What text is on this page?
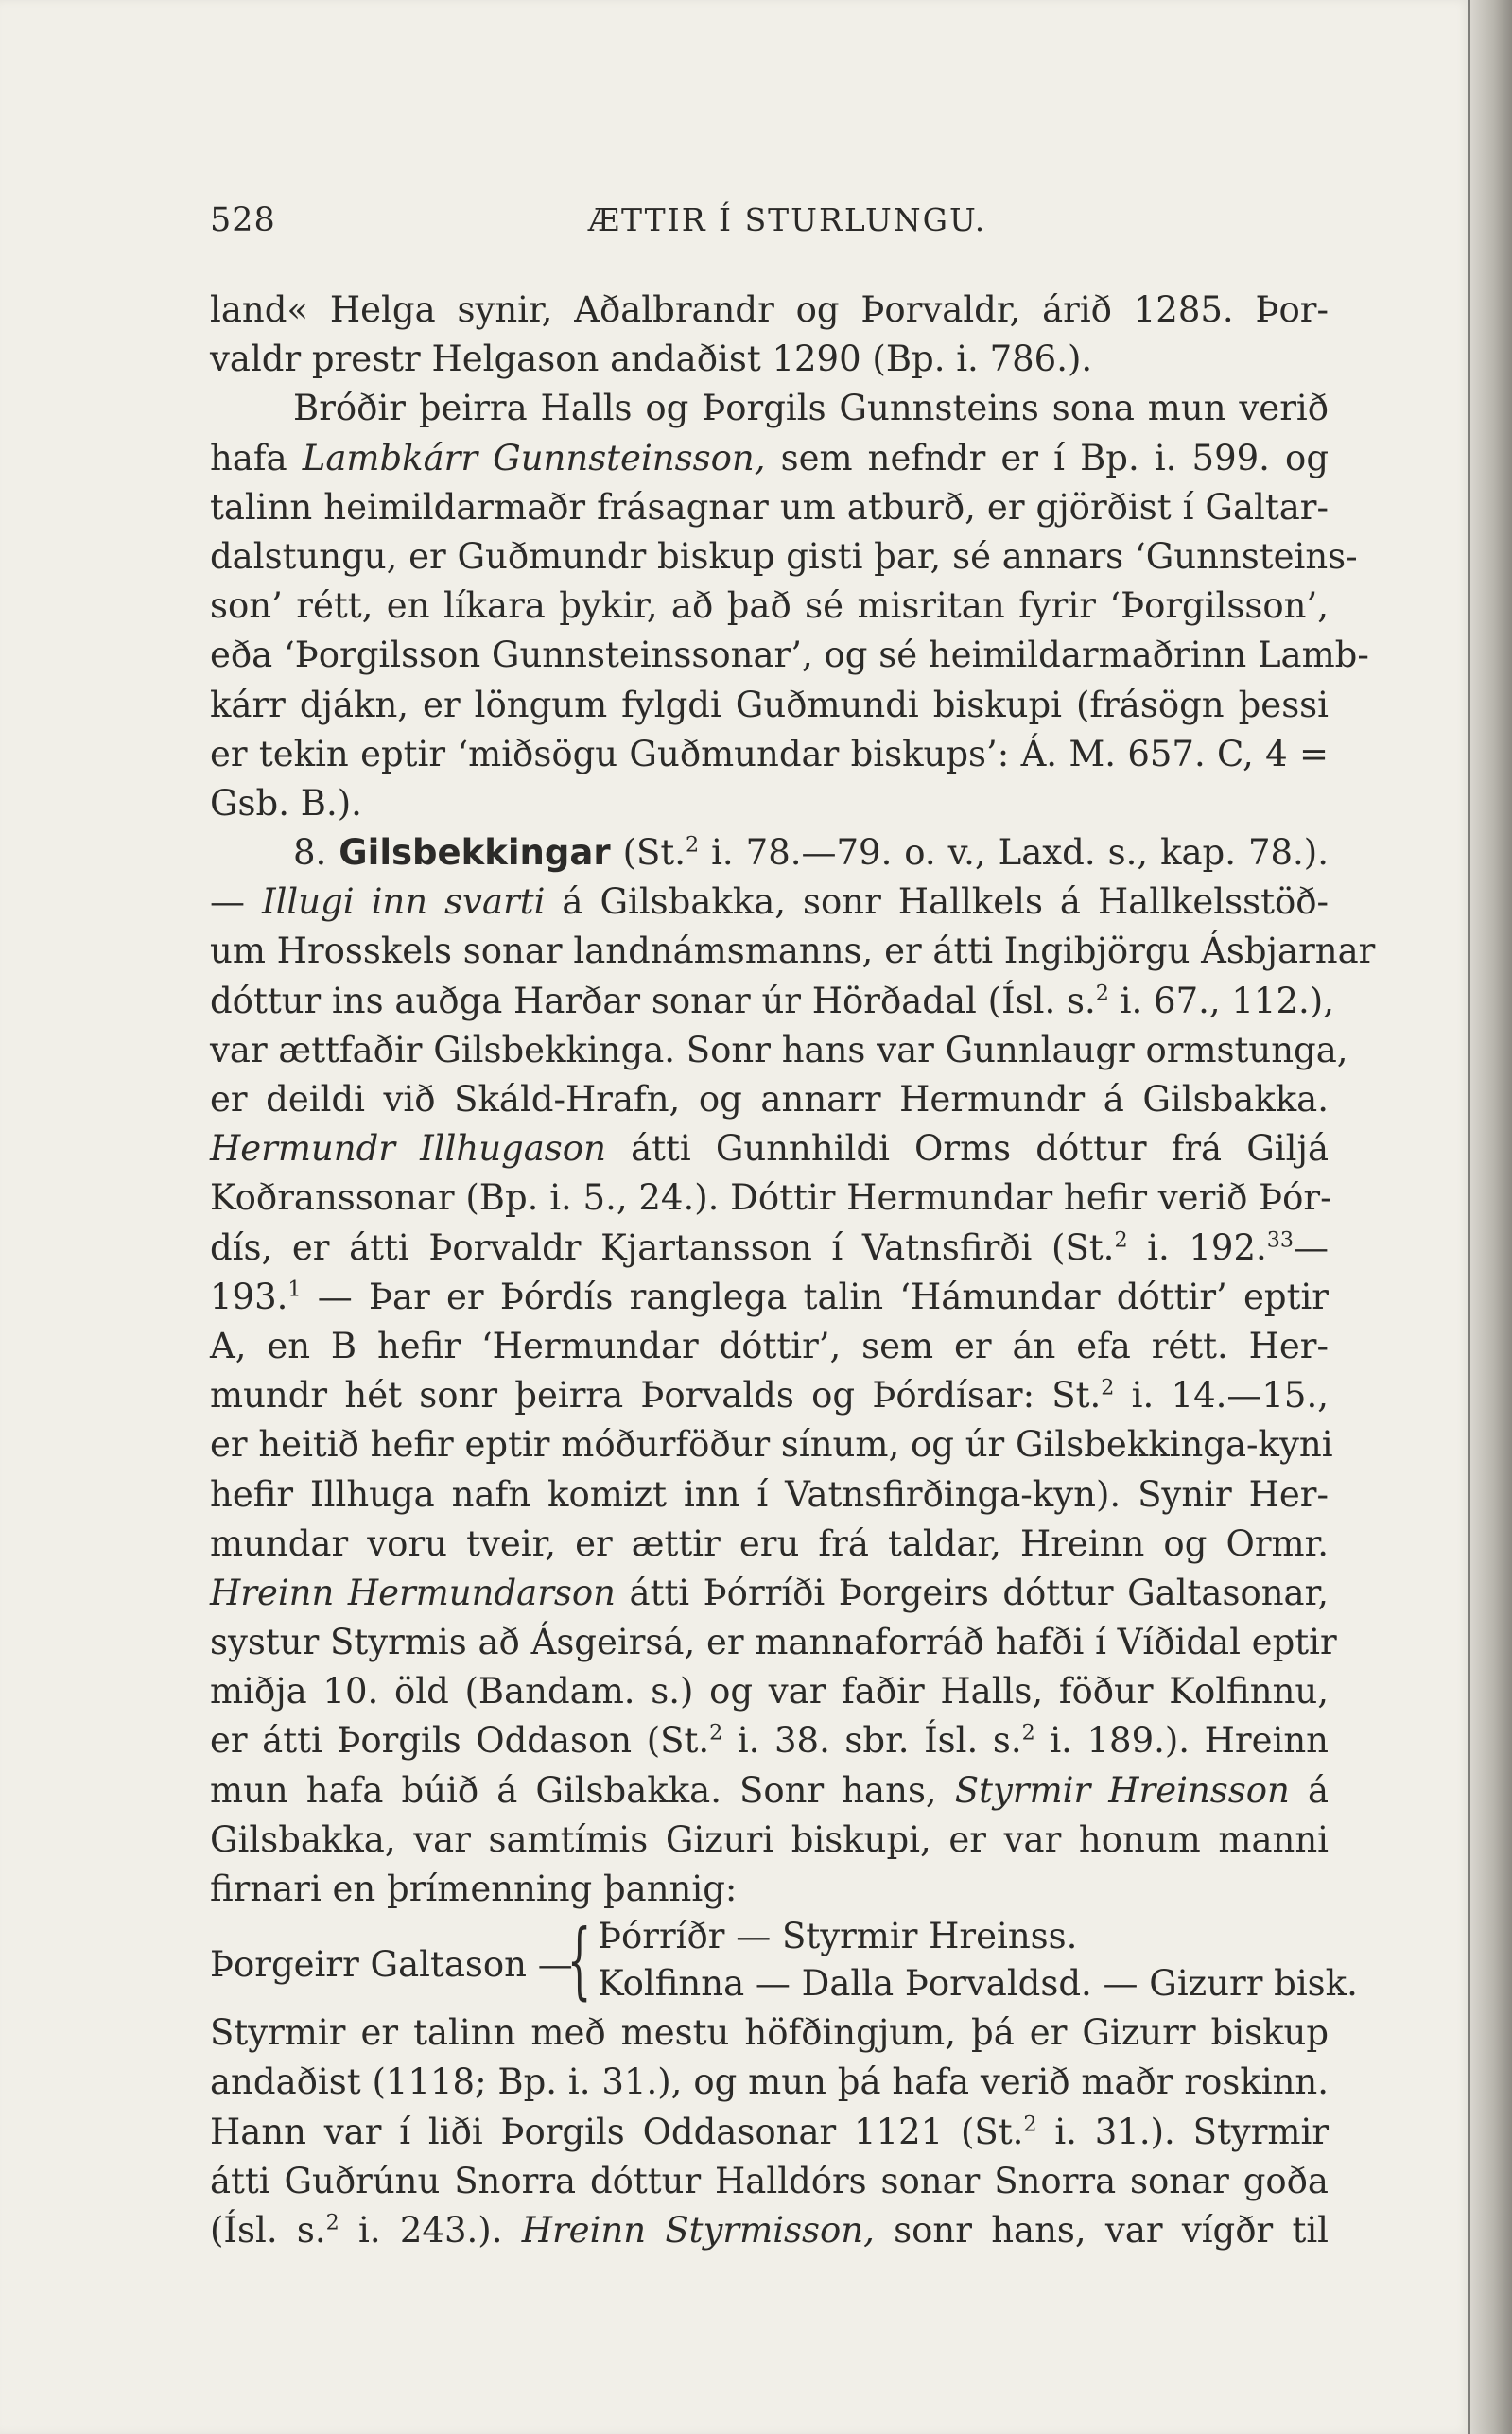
528	ÆTTIR Í STURLUNGU.
land« Helga synir, Aðalbrandr og Þorvaldr, árið 1285. Þor-
valdr prestr Helgason andaðist 1290 (Bp. i. 786.).
Bróðir þeirra Halls og Þorgils Gunnsteins sona mun verið
hafa Lambkárr Gunnsteinsson, sem nefndr er í Bp. i. 599. og
talinn heimildarmaðr frásagnar um atburð, er gjörðist í Galtar-
dalstungu, er Guðmundr biskup gisti þar, sé annars ‘Gunnsteins-
son’ rétt, en líkara þykir, að það sé misritan fyrir ‘Þorgilsson’,
eða ‘Þorgilsson Gunnsteinssonar’, og sé heimildarmaðrinn Lamb-
kárr djákn, er löngum fylgdi Guðmundi biskupi (frásögn þessi
er tekin eptir ‘miðsögu Guðmundar biskups’: Á. M. 657. C, 4 =
Gsb. B.).
8. Gilsbekkingar (St.$^2$ i. 78.—79. o. v., Laxd. s., kap. 78.).
— Illugi inn svarti á Gilsbakka, sonr Hallkels á Hallkelsstöð-
um Hrosskels sonar landnámsmanns, er átti Ingibjörgu Ásbjarnar
dóttur ins auðga Harðar sonar úr Hörðadal (Ísl. s.$^2$ i. 67., 112.),
var ættfaðir Gilsbekkinga. Sonr hans var Gunnlaugr ormstunga,
er deildi við Skáld-Hrafn, og annarr Hermundr á Gilsbakka.
Hermundr Illhugason átti Gunnhildi Orms dóttur frá Giljá
Koðranssonar (Bp. i. 5., 24.). Dóttir Hermundar hefir verið Þór-
dís, er átti Þorvaldr Kjartansson í Vatnsfirði (St.$^2$ i. 192.33—
193.$^1$ — Þar er Þórdís ranglega talin ‘Hámundar dóttir’ eptir
A, en B hefir ‘Hermundar dóttir’, sem er án efa rétt. Her-
mundr hét sonr þeirra Þorvalds og Þórdísar: St.$^2$ i. 14.—15.,
er heitið hefir eptir móðurföður sínum, og úr Gilsbekkinga-kyni
hefir Illhuga nafn komizt inn í Vatnsfirðinga-kyn). Synir Her-
mundar voru tveir, er ættir eru frá taldar, Hreinn og Ormr.
Hreinn Hermundarson átti Þórríði Þorgeirs dóttur Galtasonar,
systur Styrmis að Ásgeirsá, er mannaforráð hafði í Víðidal eptir
miðja 10. öld (Bandam. s.) og var faðir Halls, föður Kolfinnu,
er átti Þorgils Oddason (St.$^2$ i. 38. sbr. Ísl. s.$^2$ i. 189.). Hreinn
mun hafa búið á Gilsbakka. Sonr hans, Styrmir Hreinsson á
Gilsbakka, var samtímis Gizuri biskupi, er var honum manni
firnari en þrímenning þannig:
Þorgeirr Galtason —
{ Þórríðr — Styrmir Hreinss.
Kolfinna — Dalla Þorvaldsd. — Gizurr bisk.
Styrmir er talinn með mestu höfðingjum, þá er Gizurr biskup
andaðist (1118; Bp. i. 31.), og mun þá hafa verið maðr roskinn.
Hann var í liði Þorgils Oddasonar 1121 (St.$^2$ i. 31.). Styrmir
átti Guðrúnu Snorra dóttur Halldórs sonar Snorra sonar goða
(Ísl. s.$^2$ i. 243.). Hreinn Styrmisson, sonr hans, var vígðr til
